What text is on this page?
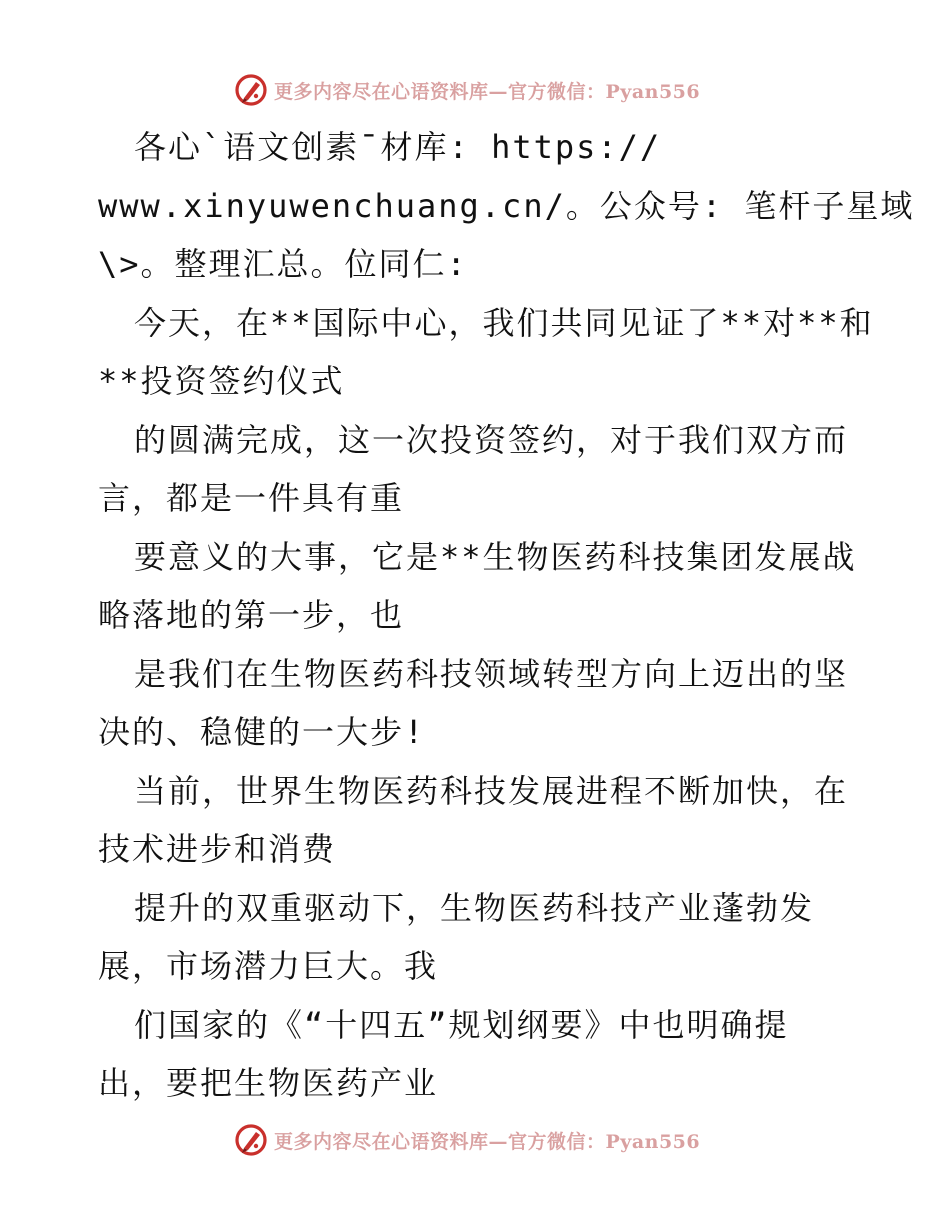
更多内容尽在心语资料库—官方微信：Pyan556
各心`语文创素¯材库: https://
www.xinyuwenchuang.cn/。公众号: 笔杆子星域
\>。整理汇总。位同仁:
今天，在**国际中心，我们共同见证了**对**和
**投资签约仪式
的圆满完成，这一次投资签约，对于我们双方而
言，都是一件具有重
要意义的大事，它是**生物医药科技集团发展战
略落地的第一步，也
是我们在生物医药科技领域转型方向上迈出的坚
决的、稳健的一大步!
当前，世界生物医药科技发展进程不断加快，在
技术进步和消费
提升的双重驱动下，生物医药科技产业蓬勃发
展，市场潜力巨大。我
们国家的《“十四五”规划纲要》中也明确提
出，要把生物医药产业
更多内容尽在心语资料库—官方微信：Pyan556
